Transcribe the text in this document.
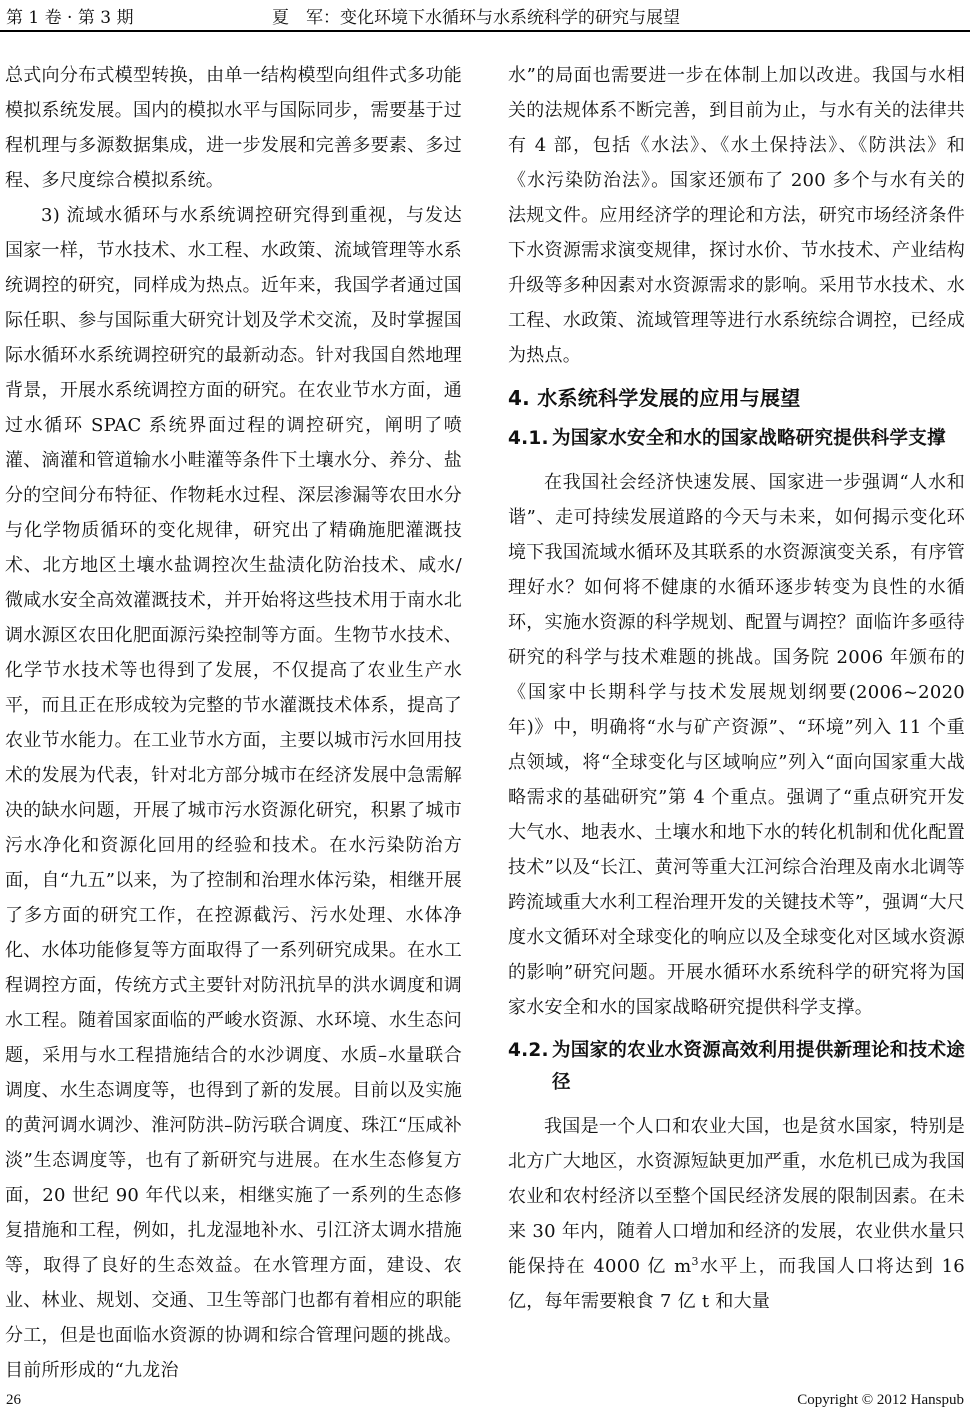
第 1 卷 · 第 3 期	夏　军：变化环境下水循环与水系统科学的研究与展望

总式向分布式模型转换，由单一结构模型向组件式多功能模拟系统发展。国内的模拟水平与国际同步，需要基于过程机理与多源数据集成，进一步发展和完善多要素、多过程、多尺度综合模拟系统。

3) 流域水循环与水系统调控研究得到重视，与发达国家一样，节水技术、水工程、水政策、流域管理等水系统调控的研究，同样成为热点。近年来，我国学者通过国际任职、参与国际重大研究计划及学术交流，及时掌握国际水循环水系统调控研究的最新动态。针对我国自然地理背景，开展水系统调控方面的研究。在农业节水方面，通过水循环 SPAC 系统界面过程的调控研究，阐明了喷灌、滴灌和管道输水小畦灌等条件下土壤水分、养分、盐分的空间分布特征、作物耗水过程、深层渗漏等农田水分与化学物质循环的变化规律，研究出了精确施肥灌溉技术、北方地区土壤水盐调控次生盐渍化防治技术、咸水/微咸水安全高效灌溉技术，并开始将这些技术用于南水北调水源区农田化肥面源污染控制等方面。生物节水技术、化学节水技术等也得到了发展，不仅提高了农业生产水平，而且正在形成较为完整的节水灌溉技术体系，提高了农业节水能力。在工业节水方面，主要以城市污水回用技术的发展为代表，针对北方部分城市在经济发展中急需解决的缺水问题，开展了城市污水资源化研究，积累了城市污水净化和资源化回用的经验和技术。在水污染防治方面，自“九五”以来，为了控制和治理水体污染，相继开展了多方面的研究工作，在控源截污、污水处理、水体净化、水体功能修复等方面取得了一系列研究成果。在水工程调控方面，传统方式主要针对防汛抗旱的洪水调度和调水工程。随着国家面临的严峻水资源、水环境、水生态问题，采用与水工程措施结合的水沙调度、水质–水量联合调度、水生态调度等，也得到了新的发展。目前以及实施的黄河调水调沙、淮河防洪–防污联合调度、珠江“压咸补淡”生态调度等，也有了新研究与进展。在水生态修复方面，20 世纪 90 年代以来，相继实施了一系列的生态修复措施和工程，例如，扎龙湿地补水、引江济太调水措施等，取得了良好的生态效益。在水管理方面，建设、农业、林业、规划、交通、卫生等部门也都有着相应的职能分工，但是也面临水资源的协调和综合管理问题的挑战。目前所形成的“九龙治

水”的局面也需要进一步在体制上加以改进。我国与水相关的法规体系不断完善，到目前为止，与水有关的法律共有 4 部，包括《水法》、《水土保持法》、《防洪法》和《水污染防治法》。国家还颁布了 200 多个与水有关的法规文件。应用经济学的理论和方法，研究市场经济条件下水资源需求演变规律，探讨水价、节水技术、产业结构升级等多种因素对水资源需求的影响。采用节水技术、水工程、水政策、流域管理等进行水系统综合调控，已经成为热点。

4. 水系统科学发展的应用与展望
4.1. 为国家水安全和水的国家战略研究提供科学支撑

在我国社会经济快速发展、国家进一步强调“人水和谐”、走可持续发展道路的今天与未来，如何揭示变化环境下我国流域水循环及其联系的水资源演变关系，有序管理好水？如何将不健康的水循环逐步转变为良性的水循环，实施水资源的科学规划、配置与调控？面临许多亟待研究的科学与技术难题的挑战。国务院 2006 年颁布的《国家中长期科学与技术发展规划纲要(2006~2020 年)》中，明确将“水与矿产资源”、“环境”列入 11 个重点领域，将“全球变化与区域响应”列入“面向国家重大战略需求的基础研究”第 4 个重点。强调了“重点研究开发大气水、地表水、土壤水和地下水的转化机制和优化配置技术”以及“长江、黄河等重大江河综合治理及南水北调等跨流域重大水利工程治理开发的关键技术等”，强调“大尺度水文循环对全球变化的响应以及全球变化对区域水资源的影响”研究问题。开展水循环水系统科学的研究将为国家水安全和水的国家战略研究提供科学支撑。

4.2. 为国家的农业水资源高效利用提供新理论和技术途径

我国是一个人口和农业大国，也是贫水国家，特别是北方广大地区，水资源短缺更加严重，水危机已成为我国农业和农村经济以至整个国民经济发展的限制因素。在未来 30 年内，随着人口增加和经济的发展，农业供水量只能保持在 4000 亿 $m^3$水平上，而我国人口将达到 16 亿，每年需要粮食 7 亿 t 和大量

26	Copyright © 2012 Hanspub
